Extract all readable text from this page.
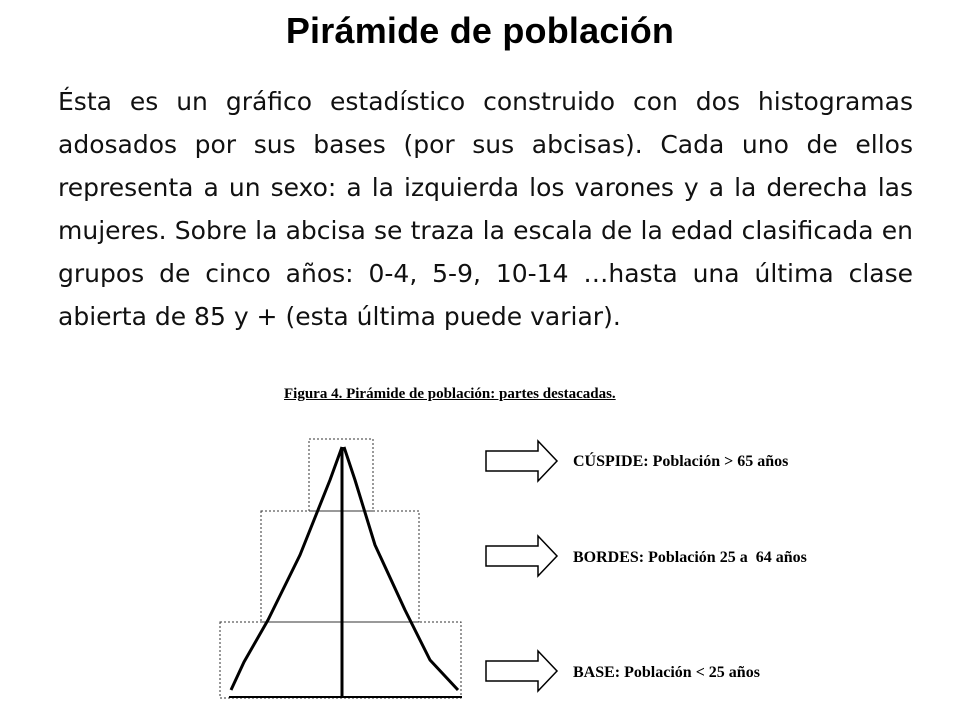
Pirámide de población
Ésta es un gráfico estadístico construido con dos histogramas adosados por sus bases (por sus abcisas). Cada uno de ellos representa a un sexo: a la izquierda los varones y a la derecha las mujeres. Sobre la abcisa se traza la escala de la edad clasificada en grupos de cinco años: 0-4, 5-9, 10-14 …hasta una última clase abierta de 85 y + (esta última puede variar).
Figura 4. Pirámide de población: partes destacadas.
CÚSPIDE: Población > 65 años
BORDES: Población 25 a  64 años
BASE: Población < 25 años
